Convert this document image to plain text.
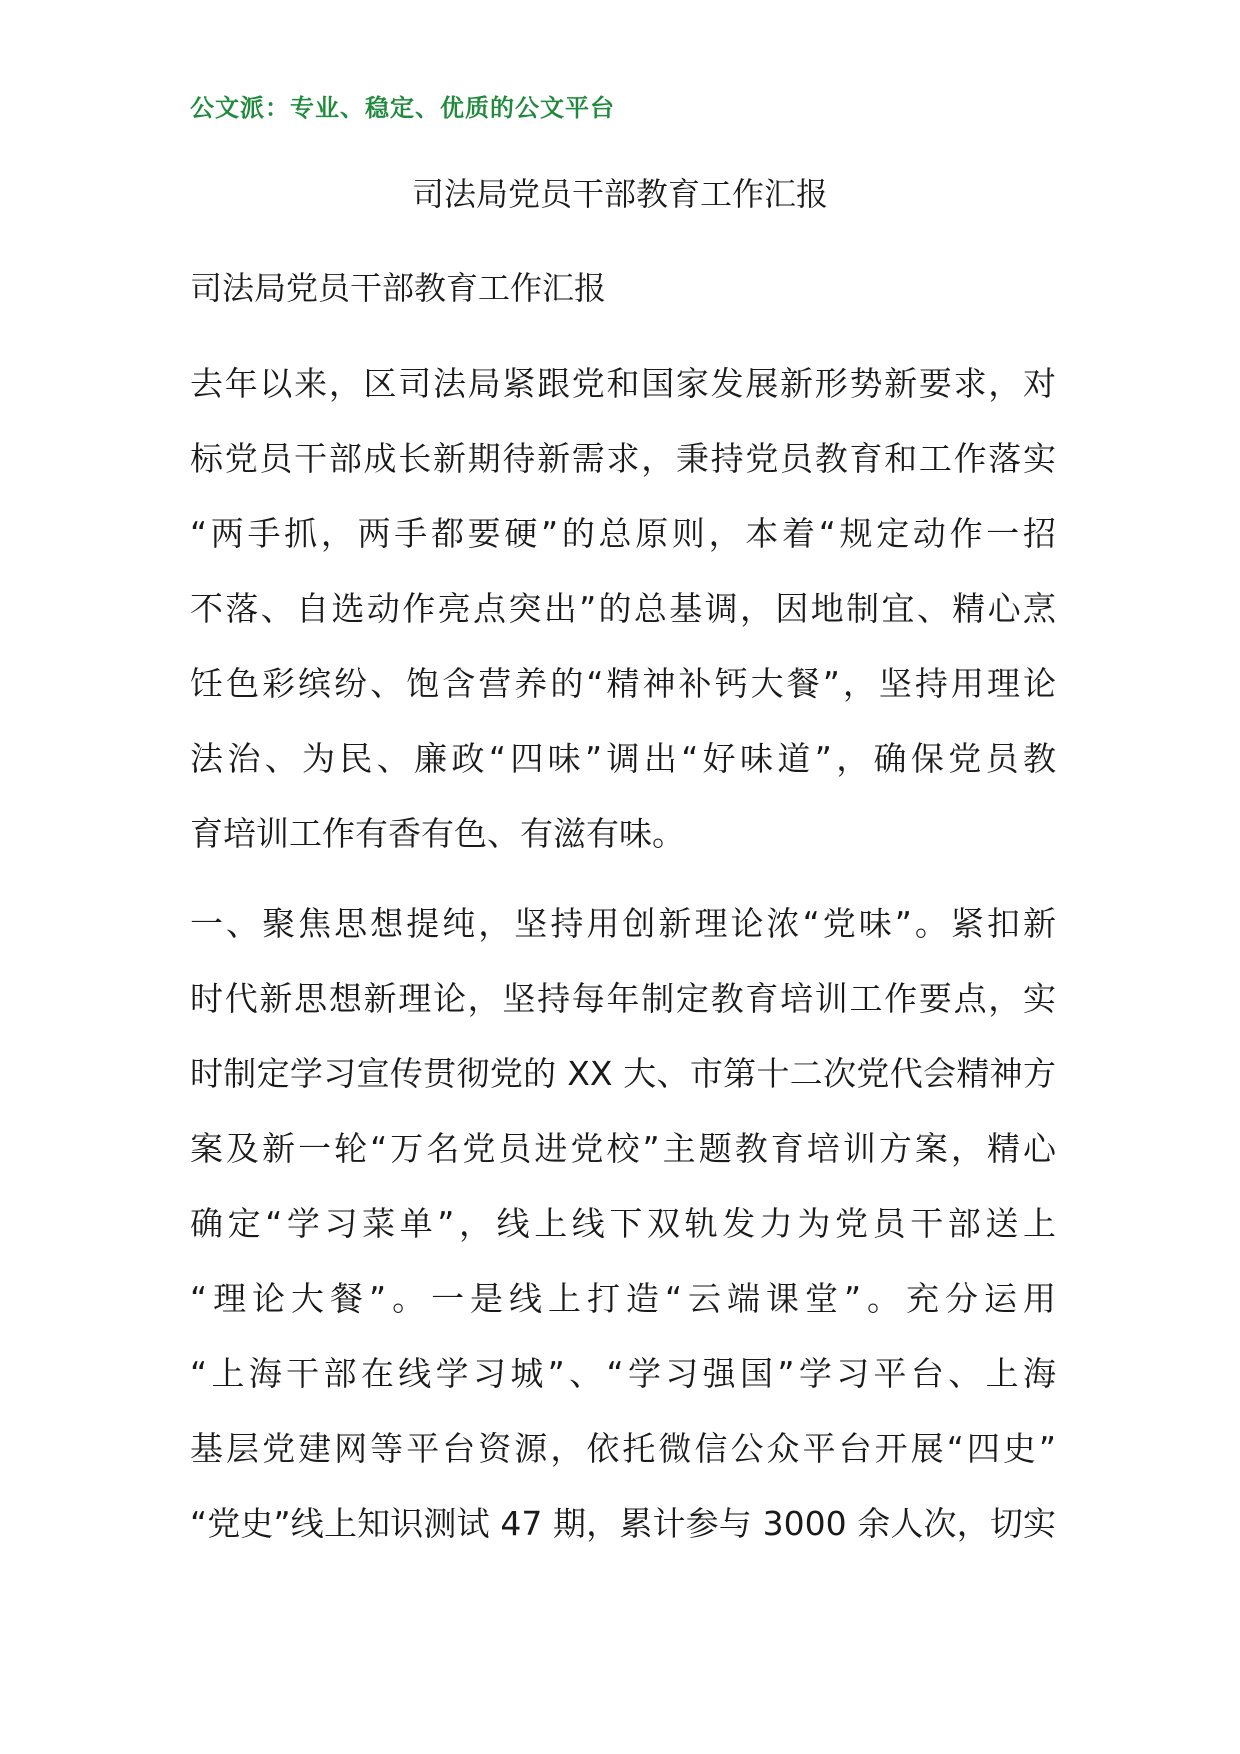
公文派：专业、稳定、优质的公文平台
司法局党员干部教育工作汇报
司法局党员干部教育工作汇报
去年以来，区司法局紧跟党和国家发展新形势新要求，对
标党员干部成长新期待新需求，秉持党员教育和工作落实
“两手抓，两手都要硬”的总原则，本着“规定动作一招
不落、自选动作亮点突出”的总基调，因地制宜、精心烹
饪色彩缤纷、饱含营养的“精神补钙大餐”，坚持用理论
法治、为民、廉政“四味”调出“好味道”，确保党员教
育培训工作有香有色、有滋有味。
一、聚焦思想提纯，坚持用创新理论浓“党味”。紧扣新
时代新思想新理论，坚持每年制定教育培训工作要点，实
时制定学习宣传贯彻党的 XX 大、市第十二次党代会精神方
案及新一轮“万名党员进党校”主题教育培训方案，精心
确定“学习菜单”，线上线下双轨发力为党员干部送上
“理论大餐”。一是线上打造“云端课堂”。充分运用
“上海干部在线学习城”、“学习强国”学习平台、上海
基层党建网等平台资源，依托微信公众平台开展“四史”
“党史”线上知识测试 47 期，累计参与 3000 余人次，切实
